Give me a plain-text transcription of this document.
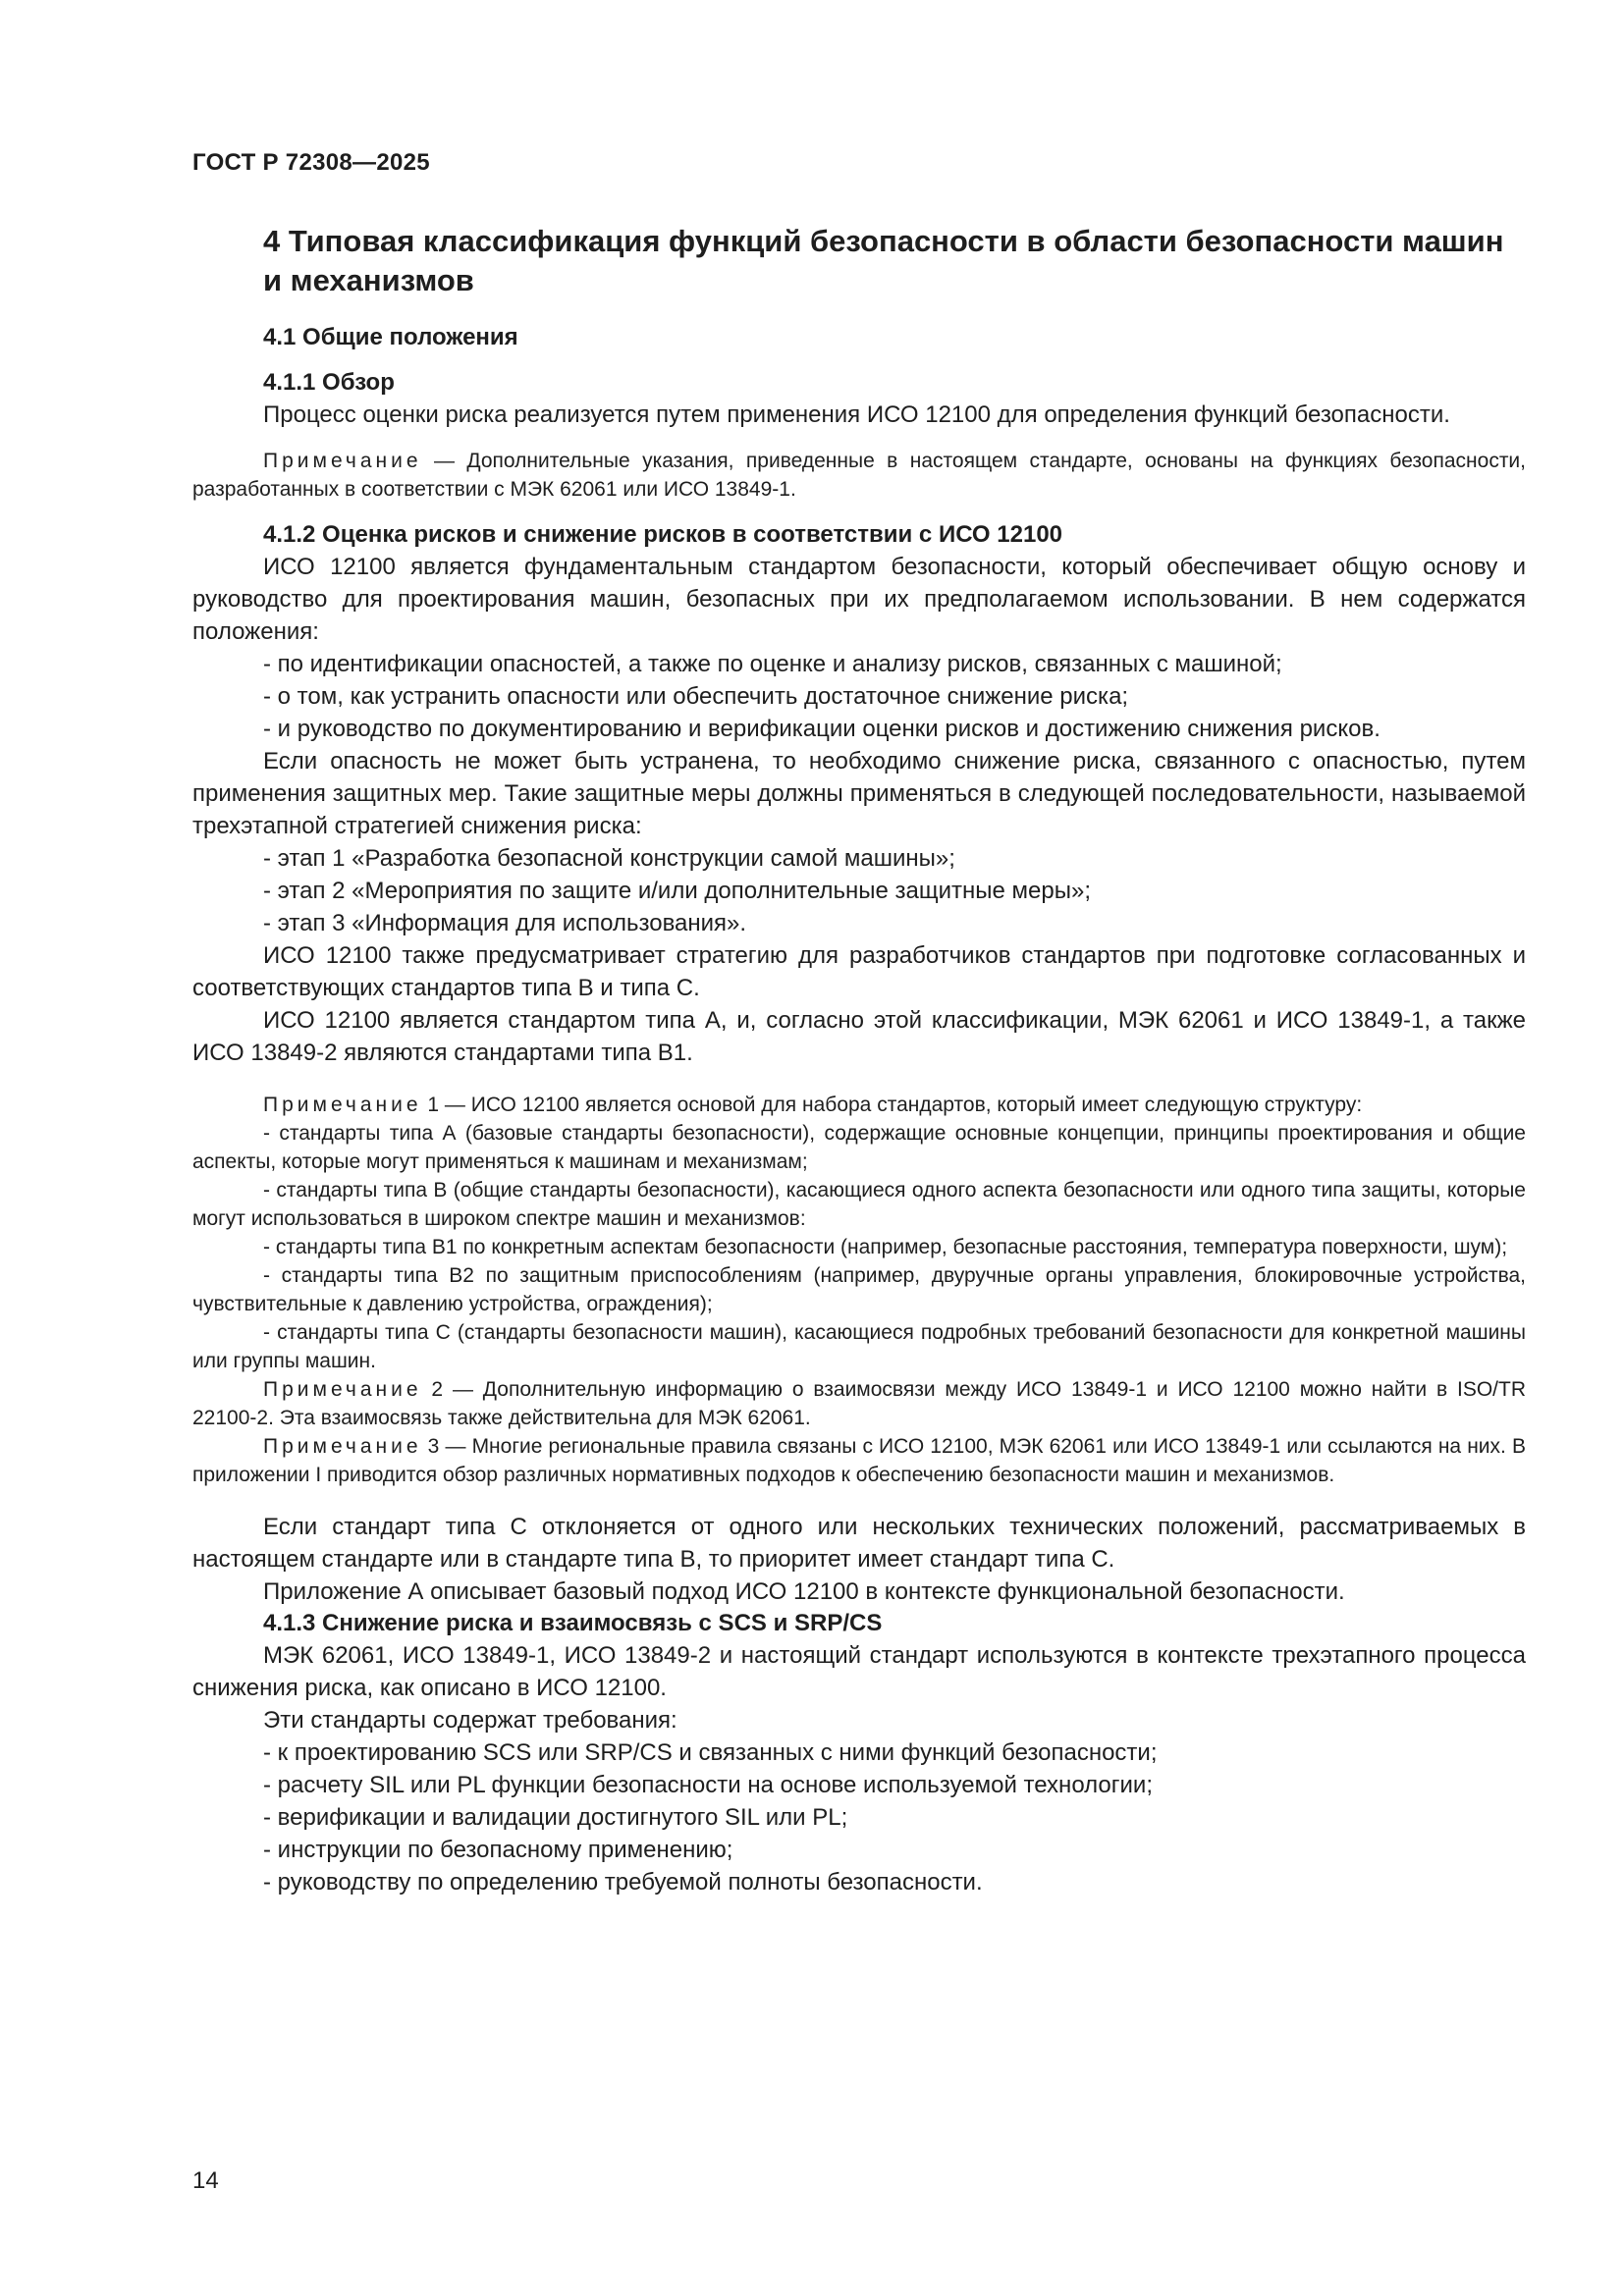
ГОСТ Р 72308—2025
4 Типовая классификация функций безопасности в области безопасности машин и механизмов
4.1 Общие положения
4.1.1 Обзор

Процесс оценки риска реализуется путем применения ИСО 12100 для определения функций безопасности.

Примечание — Дополнительные указания, приведенные в настоящем стандарте, основаны на функциях безопасности, разработанных в соответствии с МЭК 62061 или ИСО 13849-1.

4.1.2 Оценка рисков и снижение рисков в соответствии с ИСО 12100

ИСО 12100 является фундаментальным стандартом безопасности, который обеспечивает общую основу и руководство для проектирования машин, безопасных при их предполагаемом использовании. В нем содержатся положения:

- по идентификации опасностей, а также по оценке и анализу рисков, связанных с машиной;

- о том, как устранить опасности или обеспечить достаточное снижение риска;

- и руководство по документированию и верификации оценки рисков и достижению снижения рисков.

Если опасность не может быть устранена, то необходимо снижение риска, связанного с опасностью, путем применения защитных мер. Такие защитные меры должны применяться в следующей последовательности, называемой трехэтапной стратегией снижения риска:

- этап 1 «Разработка безопасной конструкции самой машины»;

- этап 2 «Мероприятия по защите и/или дополнительные защитные меры»;

- этап 3 «Информация для использования».

ИСО 12100 также предусматривает стратегию для разработчиков стандартов при подготовке согласованных и соответствующих стандартов типа В и типа С.

ИСО 12100 является стандартом типа А, и, согласно этой классификации, МЭК 62061 и ИСО 13849-1, а также ИСО 13849-2 являются стандартами типа В1.

Примечание 1 — ИСО 12100 является основой для набора стандартов, который имеет следующую структуру:

- стандарты типа А (базовые стандарты безопасности), содержащие основные концепции, принципы проектирования и общие аспекты, которые могут применяться к машинам и механизмам;

- стандарты типа В (общие стандарты безопасности), касающиеся одного аспекта безопасности или одного типа защиты, которые могут использоваться в широком спектре машин и механизмов:

- стандарты типа В1 по конкретным аспектам безопасности (например, безопасные расстояния, температура поверхности, шум);

- стандарты типа В2 по защитным приспособлениям (например, двуручные органы управления, блокировочные устройства, чувствительные к давлению устройства, ограждения);

- стандарты типа С (стандарты безопасности машин), касающиеся подробных требований безопасности для конкретной машины или группы машин.

Примечание 2 — Дополнительную информацию о взаимосвязи между ИСО 13849-1 и ИСО 12100 можно найти в ISO/TR 22100-2. Эта взаимосвязь также действительна для МЭК 62061.

Примечание 3 — Многие региональные правила связаны с ИСО 12100, МЭК 62061 или ИСО 13849-1 или ссылаются на них. В приложении I приводится обзор различных нормативных подходов к обеспечению безопасности машин и механизмов.

Если стандарт типа С отклоняется от одного или нескольких технических положений, рассматриваемых в настоящем стандарте или в стандарте типа В, то приоритет имеет стандарт типа С.

Приложение А описывает базовый подход ИСО 12100 в контексте функциональной безопасности.

4.1.3 Снижение риска и взаимосвязь с SCS и SRP/CS

МЭК 62061, ИСО 13849-1, ИСО 13849-2 и настоящий стандарт используются в контексте трехэтапного процесса снижения риска, как описано в ИСО 12100.

Эти стандарты содержат требования:

- к проектированию SCS или SRP/CS и связанных с ними функций безопасности;

- расчету SIL или PL функции безопасности на основе используемой технологии;

- верификации и валидации достигнутого SIL или PL;

- инструкции по безопасному применению;

- руководству по определению требуемой полноты безопасности.

14
